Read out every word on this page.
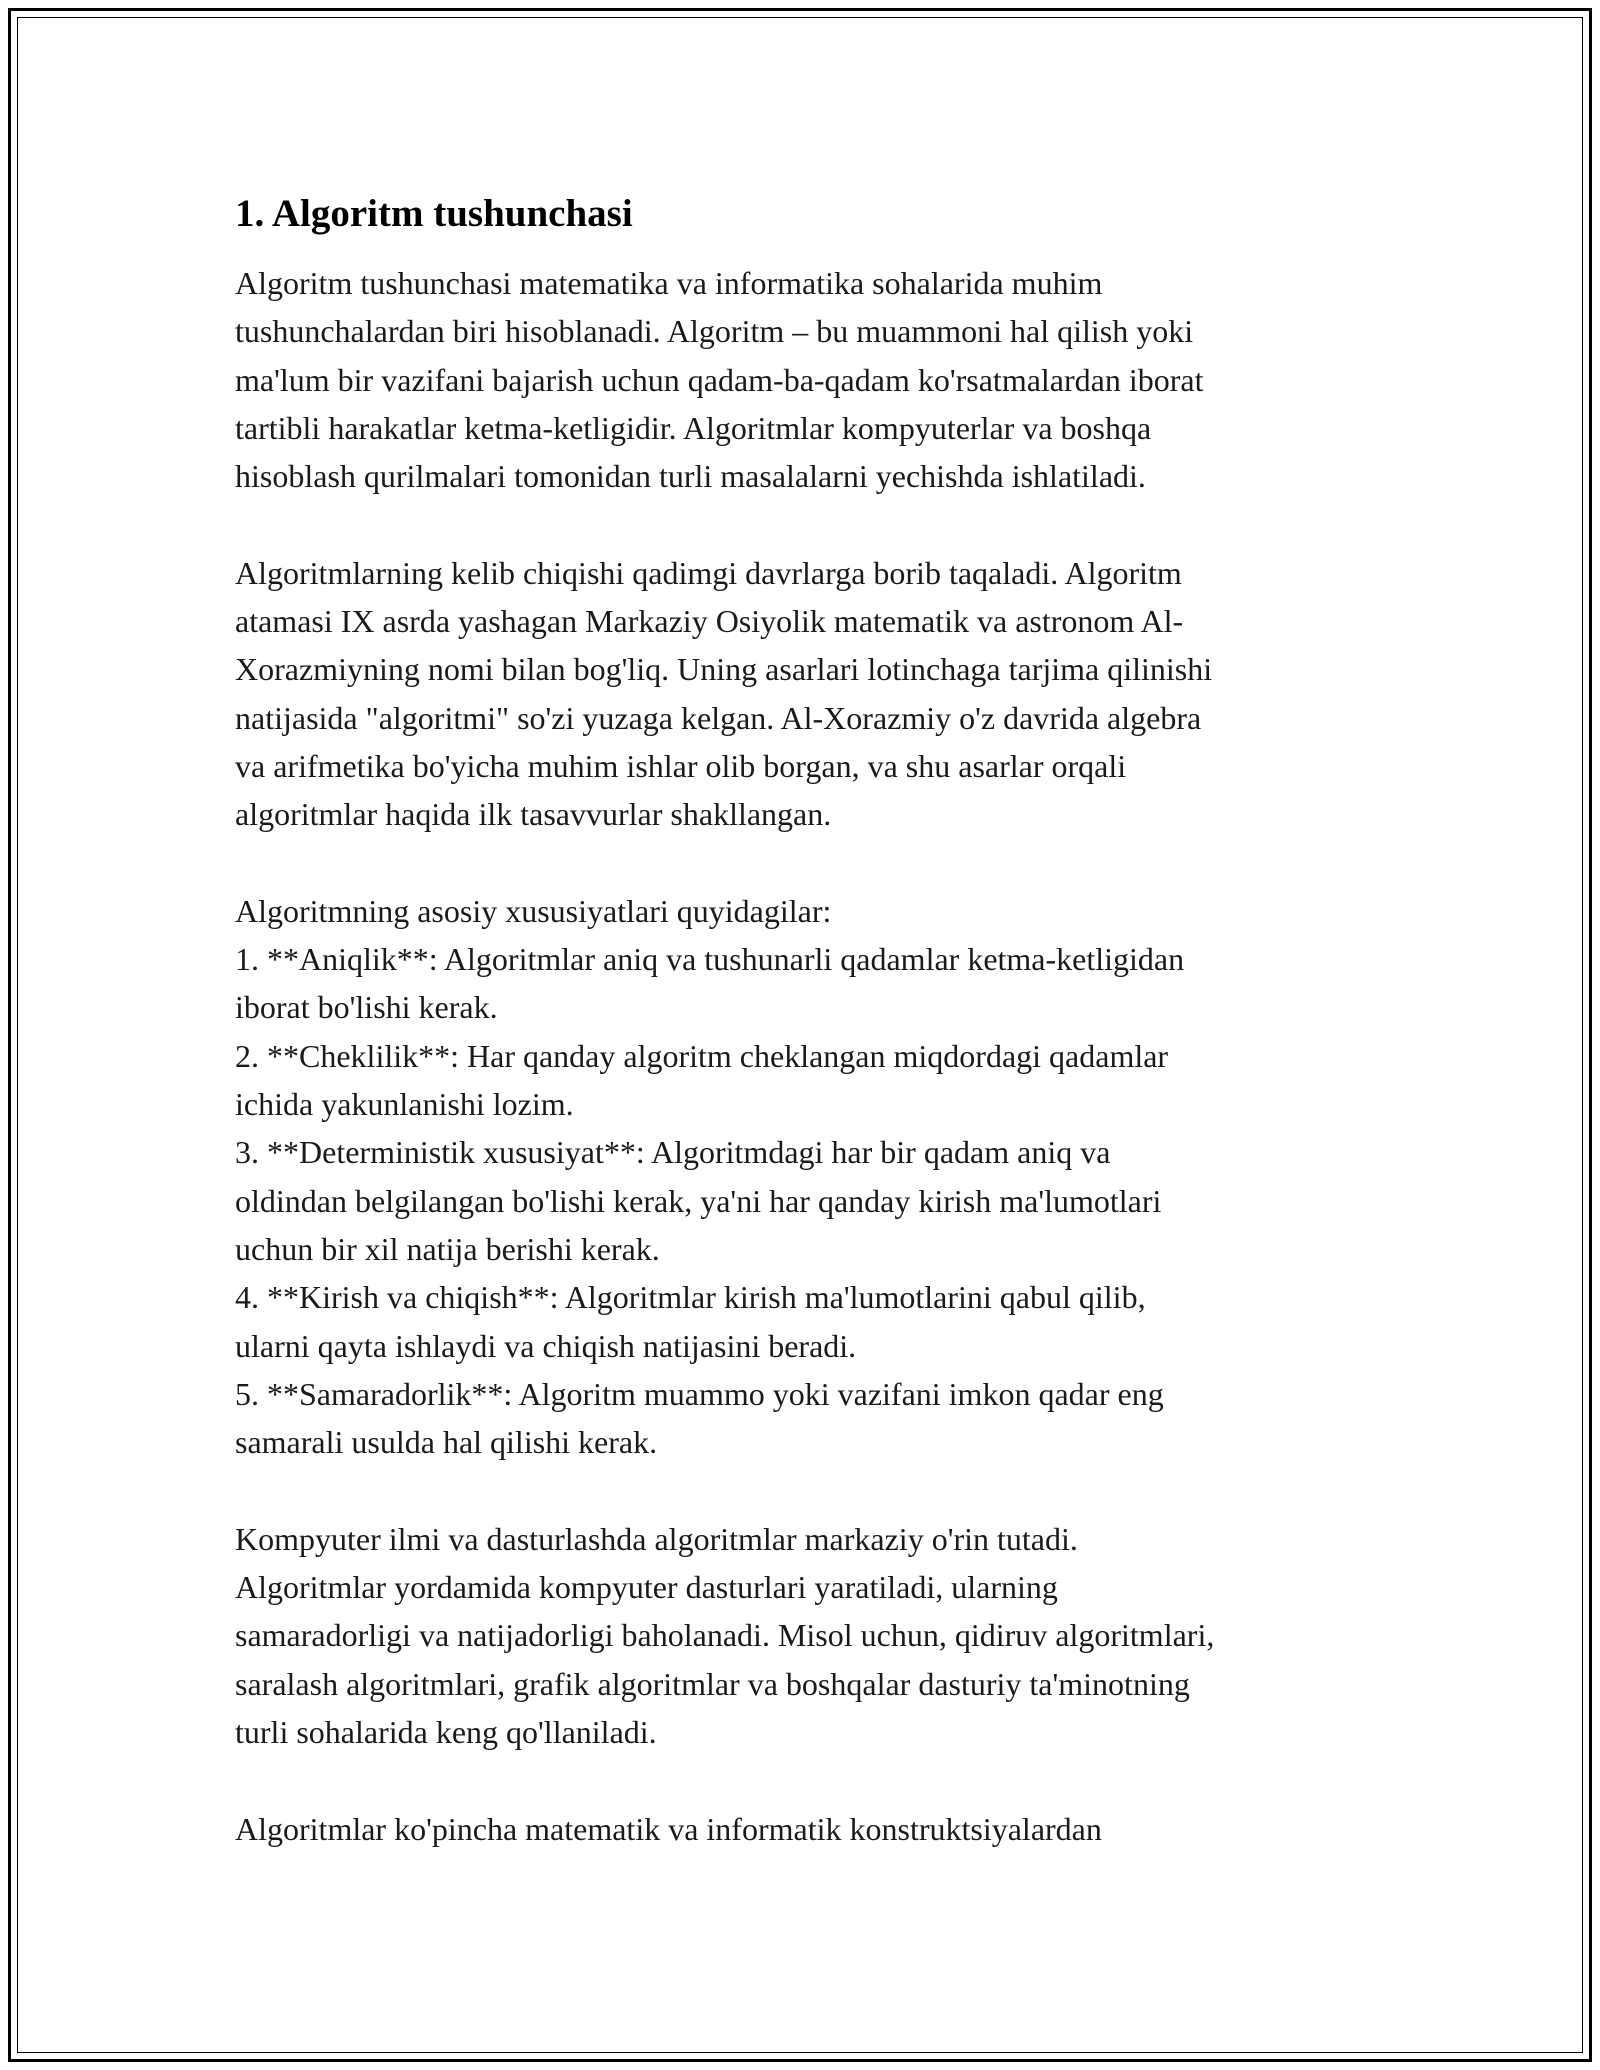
1. Algoritm tushunchasi
Algoritm tushunchasi matematika va informatika sohalarida muhim
tushunchalardan biri hisoblanadi. Algoritm – bu muammoni hal qilish yoki
ma'lum bir vazifani bajarish uchun qadam-ba-qadam ko'rsatmalardan iborat
tartibli harakatlar ketma-ketligidir. Algoritmlar kompyuterlar va boshqa
hisoblash qurilmalari tomonidan turli masalalarni yechishda ishlatiladi.
Algoritmlarning kelib chiqishi qadimgi davrlarga borib taqaladi. Algoritm
atamasi IX asrda yashagan Markaziy Osiyolik matematik va astronom Al-
Xorazmiyning nomi bilan bog'liq. Uning asarlari lotinchaga tarjima qilinishi
natijasida "algoritmi" so'zi yuzaga kelgan. Al-Xorazmiy o'z davrida algebra
va arifmetika bo'yicha muhim ishlar olib borgan, va shu asarlar orqali
algoritmlar haqida ilk tasavvurlar shakllangan.
Algoritmning asosiy xususiyatlari quyidagilar:
1. **Aniqlik**: Algoritmlar aniq va tushunarli qadamlar ketma-ketligidan
iborat bo'lishi kerak.
2. **Cheklilik**: Har qanday algoritm cheklangan miqdordagi qadamlar
ichida yakunlanishi lozim.
3. **Deterministik xususiyat**: Algoritmdagi har bir qadam aniq va
oldindan belgilangan bo'lishi kerak, ya'ni har qanday kirish ma'lumotlari
uchun bir xil natija berishi kerak.
4. **Kirish va chiqish**: Algoritmlar kirish ma'lumotlarini qabul qilib,
ularni qayta ishlaydi va chiqish natijasini beradi.
5. **Samaradorlik**: Algoritm muammo yoki vazifani imkon qadar eng
samarali usulda hal qilishi kerak.
Kompyuter ilmi va dasturlashda algoritmlar markaziy o'rin tutadi.
Algoritmlar yordamida kompyuter dasturlari yaratiladi, ularning
samaradorligi va natijadorligi baholanadi. Misol uchun, qidiruv algoritmlari,
saralash algoritmlari, grafik algoritmlar va boshqalar dasturiy ta'minotning
turli sohalarida keng qo'llaniladi.
Algoritmlar ko'pincha matematik va informatik konstruktsiyalardan
